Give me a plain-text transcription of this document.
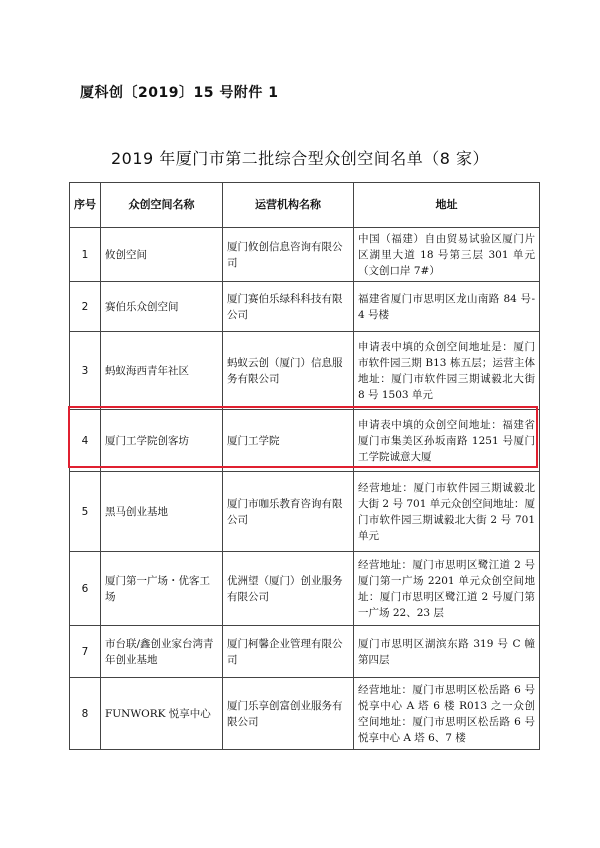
厦科创〔2019〕15 号附件 1
2019 年厦门市第二批综合型众创空间名单（8 家）
序号	众创空间名称	运营机构名称	地址
1	攸创空间	厦门攸创信息咨询有限公司	中国（福建）自由贸易试验区厦门片区湖里大道 18 号第三层 301 单元（文创口岸 7#）
2	赛伯乐众创空间	厦门赛伯乐绿科科技有限公司	福建省厦门市思明区龙山南路 84 号-4 号楼
3	蚂蚁海西青年社区	蚂蚁云创（厦门）信息服务有限公司	申请表中填的众创空间地址是：厦门市软件园三期 B13 栋五层；运营主体地址：厦门市软件园三期诚毅北大街 8 号 1503 单元
4	厦门工学院创客坊	厦门工学院	申请表中填的众创空间地址：福建省厦门市集美区孙坂南路 1251 号厦门工学院诚意大厦
5	黑马创业基地	厦门市咖乐教育咨询有限公司	经营地址：厦门市软件园三期诚毅北大街 2 号 701 单元众创空间地址：厦门市软件园三期诚毅北大街 2 号 701 单元
6	厦门第一广场・优客工场	优洲望（厦门）创业服务有限公司	经营地址：厦门市思明区鹭江道 2 号厦门第一广场 2201 单元众创空间地址：厦门市思明区鹭江道 2 号厦门第一广场 22、23 层
7	市台联/鑫创业家台湾青年创业基地	厦门柯馨企业管理有限公司	厦门市思明区湖滨东路 319 号 C 幢第四层
8	FUNWORK 悦享中心	厦门乐享创富创业服务有限公司	经营地址：厦门市思明区松岳路 6 号悦享中心 A 塔 6 楼 R013 之一众创空间地址：厦门市思明区松岳路 6 号悦享中心 A 塔 6、7 楼
